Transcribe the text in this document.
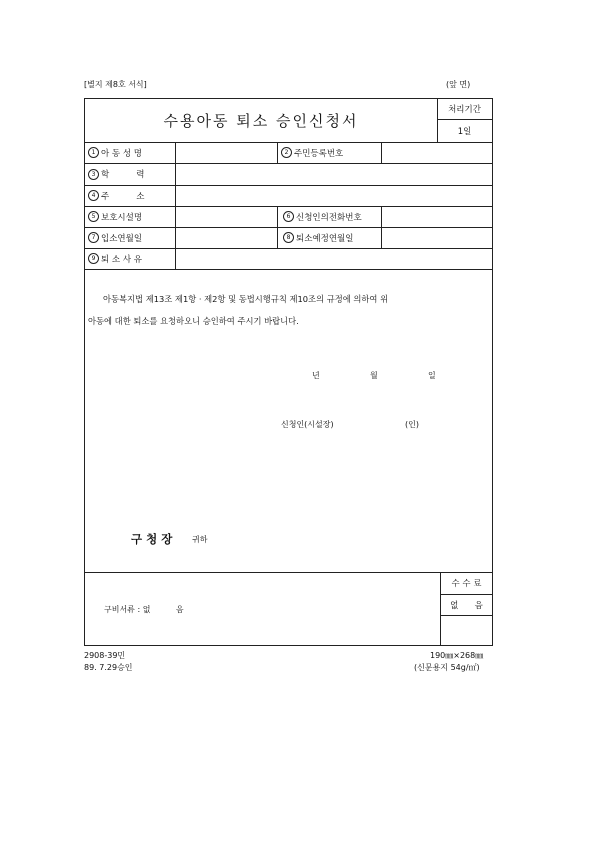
[별지 제8호 서식]	(앞 면)
수용아동 퇴소 승인신청서
처리기간
1일
1 아 동 성 명	2 주민등록번호
3 학          력
4 주          소
5 보호시설명	6 신청인의전화번호
7 입소연월일	8 퇴소예정연월일
9 퇴 소 사 유
아동복지법 제13조 제1항 · 제2항 및 동법시행규칙 제10조의 규정에 의하여 위
아동에 대한 퇴소를 요청하오니 승인하여 주시기 바랍니다.
년	월	일
신청인(시설장)	(인)
구 청 장 귀하
구비서류 : 없          음
수 수 료
없      음
2908-39민
89. 7.29승인
190㎜×268㎜
(신문용지 54g/㎡)
